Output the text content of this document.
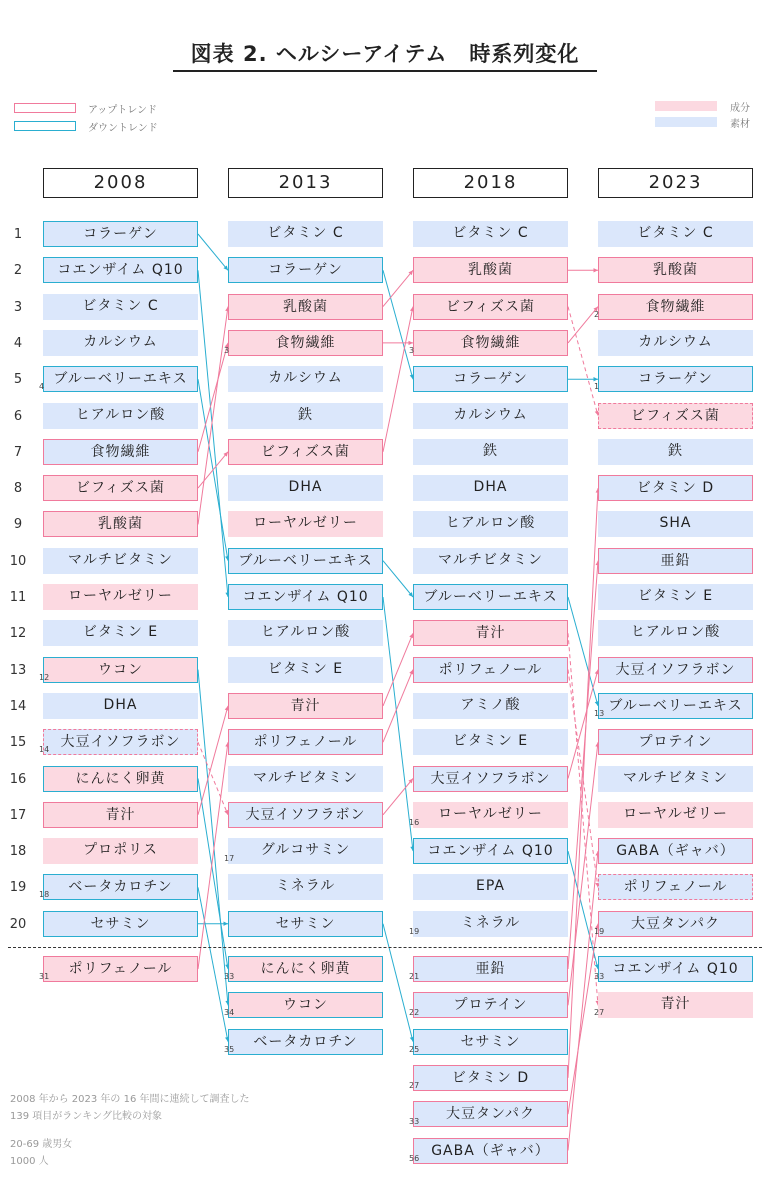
図表 2. ヘルシーアイテム　時系列変化
アップトレンド
ダウントレンド
成分
素材
1
2
3
4
5
6
7
8
9
10
11
12
13
14
15
16
17
18
19
20
2008
コラーゲン
コエンザイム Q10
ビタミン C
カルシウム
ブルーベリーエキス
4
ヒアルロン酸
食物繊維
ビフィズス菌
乳酸菌
マルチビタミン
ローヤルゼリー
ビタミン E
ウコン
12
DHA
大豆イソフラボン
14
にんにく卵黄
青汁
プロポリス
ベータカロチン
18
セサミン
ポリフェノール
31
2013
ビタミン C
コラーゲン
乳酸菌
食物繊維
3
カルシウム
鉄
ビフィズス菌
DHA
ローヤルゼリー
ブルーベリーエキス
コエンザイム Q10
ヒアルロン酸
ビタミン E
青汁
ポリフェノール
マルチビタミン
大豆イソフラボン
グルコサミン
17
ミネラル
セサミン
にんにく卵黄
33
ウコン
34
ベータカロチン
35
2018
ビタミン C
乳酸菌
ビフィズス菌
食物繊維
3
コラーゲン
カルシウム
鉄
DHA
ヒアルロン酸
マルチビタミン
ブルーベリーエキス
青汁
ポリフェノール
アミノ酸
ビタミン E
大豆イソフラボン
ローヤルゼリー
16
コエンザイム Q10
EPA
ミネラル
19
亜鉛
21
プロテイン
22
セサミン
25
ビタミン D
27
大豆タンパク
33
GABA（ギャバ）
56
2023
ビタミン C
乳酸菌
食物繊維
2
カルシウム
コラーゲン
1
ビフィズス菌
鉄
ビタミン D
SHA
亜鉛
ビタミン E
ヒアルロン酸
大豆イソフラボン
ブルーベリーエキス
13
プロテイン
マルチビタミン
ローヤルゼリー
GABA（ギャバ）
ポリフェノール
大豆タンパク
19
コエンザイム Q10
33
青汁
27
2008 年から 2023 年の 16 年間に連続して調査した
139 項目がランキング比較の対象
20-69 歳男女
1000 人
